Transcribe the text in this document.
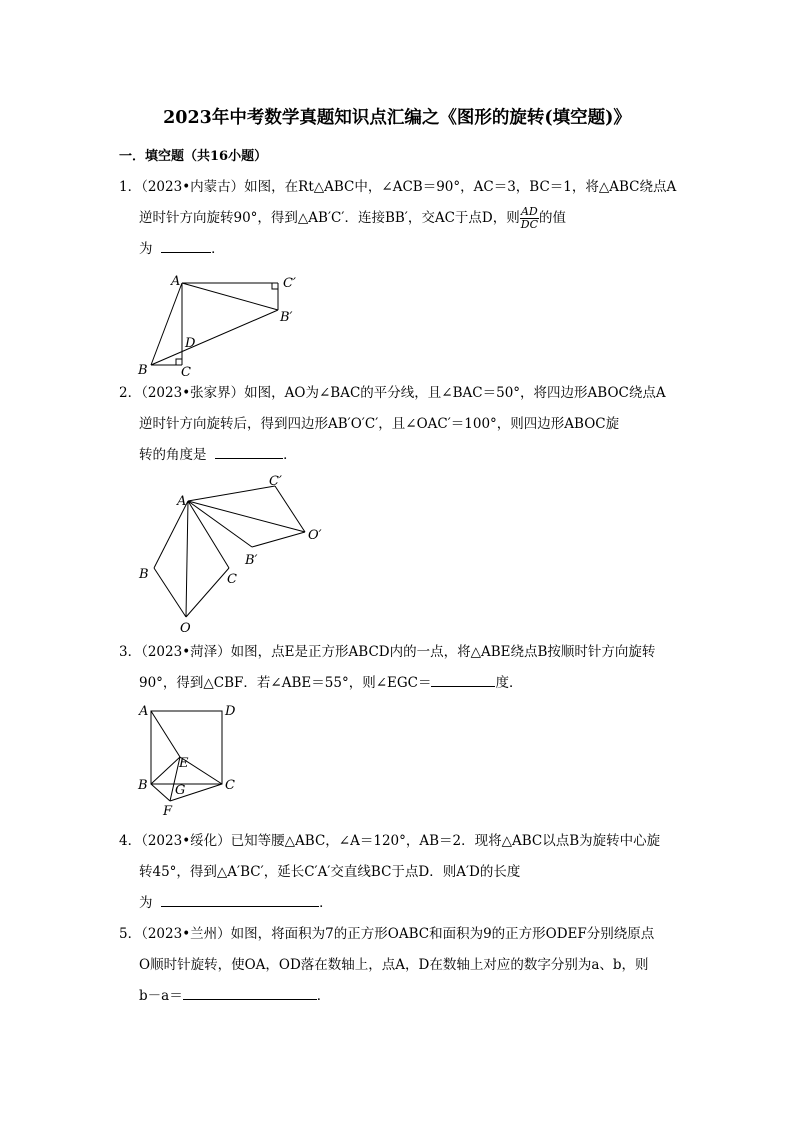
2023年中考数学真题知识点汇编之《图形的旋转(填空题)》
一．填空题（共16小题）
1．（2023•内蒙古）如图，在Rt△ABC中，∠ACB＝90°，AC＝3，BC＝1，将△ABC绕点A
逆时针方向旋转90°，得到△AB′C′．连接BB′，交AC于点D，则 $\frac{AD}{DC}$ 的值
为	．
A	C′
B′
D
B	C
2．（2023•张家界）如图，AO为∠BAC的平分线，且∠BAC＝50°，将四边形ABOC绕点A
逆时针方向旋转后，得到四边形AB′O′C′，且∠OAC′＝100°，则四边形ABOC旋
转的角度是	．
A
C′
O′
B′
B	C
O
3．（2023•菏泽）如图，点E是正方形ABCD内的一点，将△ABE绕点B按顺时针方向旋转
90°，得到△CBF．若∠ABE＝55°，则∠EGC＝	度．
A	D
E
B	C
G
F
4．（2023•绥化）已知等腰△ABC，∠A＝120°，AB＝2．现将△ABC以点B为旋转中心旋
转45°，得到△A′BC′，延长C′A′交直线BC于点D．则A′D的长度
为	．
5．（2023•兰州）如图，将面积为7的正方形OABC和面积为9的正方形ODEF分别绕原点
O顺时针旋转，使OA，OD落在数轴上，点A，D在数轴上对应的数字分别为a、b，则
b－a＝	．
